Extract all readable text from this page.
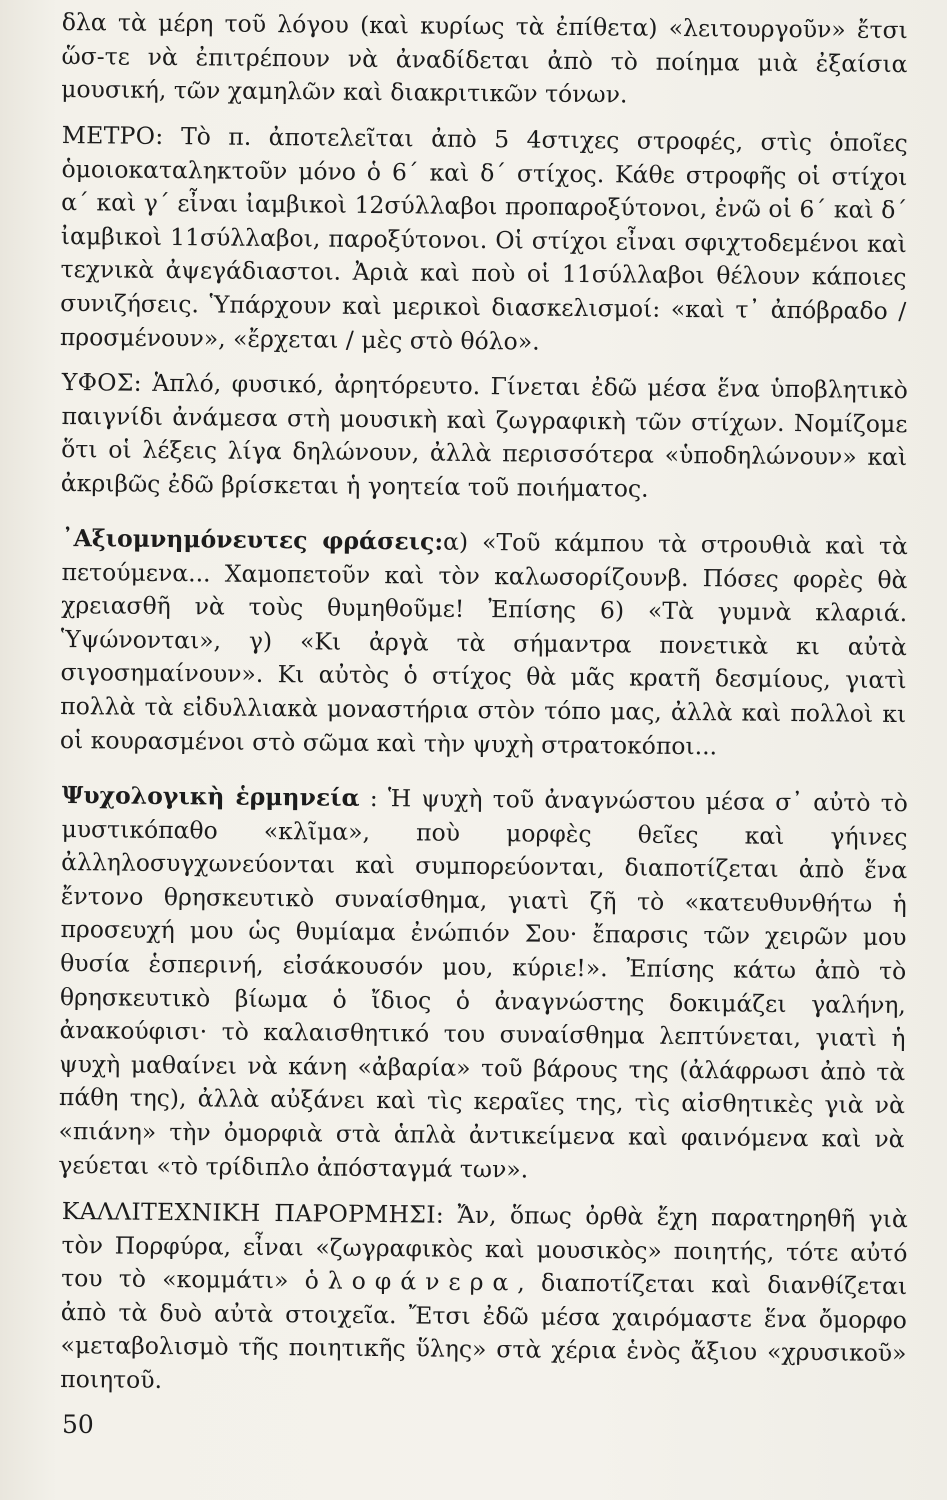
δλα τὰ μέρη τοῦ λόγου (καὶ κυρίως τὰ ἐπίθετα) «λειτουργοῦν» ἔτσι ὥσ-τε νὰ ἐπιτρέπουν νὰ ἀναδίδεται ἀπὸ τὸ ποίημα μιὰ ἐξαίσια μουσική, τῶν χαμηλῶν καὶ διακριτικῶν τόνων.

ΜΕΤΡΟ: Τὸ π. ἀποτελεῖται ἀπὸ 5 4στιχες στροφές, στὶς ὁποῖες ὁμοιοκαταληκτοῦν μόνο ὁ 6΄ καὶ δ΄ στίχος. Κάθε στροφῆς οἱ στίχοι α΄ καὶ γ΄ εἶναι ἰαμβικοὶ 12σύλλαβοι προπαροξύτονοι, ἐνῶ οἱ 6΄ καὶ δ΄ ἰαμβικοὶ 11σύλλαβοι, παροξύτονοι. Οἱ στίχοι εἶναι σφιχτοδεμένοι καὶ τεχνικὰ ἀψεγάδιαστοι. Ἀριὰ καὶ ποὺ οἱ 11σύλλαβοι θέλουν κάποιες συνιζήσεις. Ὑπάρχουν καὶ μερικοὶ διασκελισμοί: «καὶ τ᾿ ἀπόβραδο / προσμένουν», «ἔρχεται / μὲς στὸ θόλο».

ΥΦΟΣ: Ἁπλό, φυσικό, ἀρητόρευτο. Γίνεται ἐδῶ μέσα ἕνα ὑποβλητικὸ παιγνίδι ἀνάμεσα στὴ μουσικὴ καὶ ζωγραφικὴ τῶν στίχων. Νομίζομε ὅτι οἱ λέξεις λίγα δηλώνουν, ἀλλὰ περισσότερα «ὑποδηλώνουν» καὶ ἀκριβῶς ἐδῶ βρίσκεται ἡ γοητεία τοῦ ποιήματος.

᾿Αξιομνημόνευτες φράσεις:α) «Τοῦ κάμπου τὰ στρουθιὰ καὶ τὰ πετούμενα... Χαμοπετοῦν καὶ τὸν καλωσορίζουνβ. Πόσες φορὲς θὰ χρειασθῆ νὰ τοὺς θυμηθοῦμε! Ἐπίσης 6) «Τὰ γυμνὰ κλαριά. Ὑψώνονται», γ) «Κι ἀργὰ τὰ σήμαντρα πονετικὰ κι αὐτὰ σιγοσημαίνουν». Κι αὐτὸς ὁ στίχος θὰ μᾶς κρατῆ δεσμίους, γιατὶ πολλὰ τὰ εἰδυλλιακὰ μοναστήρια στὸν τόπο μας, ἀλλὰ καὶ πολλοὶ κι οἱ κουρασμένοι στὸ σῶμα καὶ τὴν ψυχὴ στρατοκόποι...

Ψυχολογικὴ ἑρμηνεία : Ἡ ψυχὴ τοῦ ἀναγνώστου μέσα σ᾿ αὐτὸ τὸ μυστικόπαθο «κλῖμα», ποὺ μορφὲς θεῖες καὶ γήινες ἀλληλοσυγχωνεύονται καὶ συμπορεύονται, διαποτίζεται ἀπὸ ἕνα ἔντονο θρησκευτικὸ συναίσθημα, γιατὶ ζῆ τὸ «κατευθυνθήτω ἡ προσευχή μου ὡς θυμίαμα ἐνώπιόν Σου· ἔπαρσις τῶν χειρῶν μου θυσία ἑσπερινή, εἰσάκουσόν μου, κύριε!». Ἐπίσης κάτω ἀπὸ τὸ θρησκευτικὸ βίωμα ὁ ἴδιος ὁ ἀναγνώστης δοκιμάζει γαλήνη, ἀνακούφισι· τὸ καλαισθητικό του συναίσθημα λεπτύνεται, γιατὶ ἡ ψυχὴ μαθαίνει νὰ κάνη «ἀβαρία» τοῦ βάρους της (ἀλάφρωσι ἀπὸ τὰ πάθη της), ἀλλὰ αὐξάνει καὶ τὶς κεραῖες της, τὶς αἰσθητικὲς γιὰ νὰ «πιάνη» τὴν ὀμορφιὰ στὰ ἁπλὰ ἀντικείμενα καὶ φαινόμενα καὶ νὰ γεύεται «τὸ τρίδιπλο ἀπόσταγμά των».

ΚΑΛΛΙΤΕΧΝΙΚΗ ΠΑΡΟΡΜΗΣΙ: Ἄν, ὅπως ὀρθὰ ἔχη παρατηρηθῆ γιὰ τὸν Πορφύρα, εἶναι «ζωγραφικὸς καὶ μουσικὸς» ποιητής, τότε αὐτό του τὸ «κομμάτι» ὁλοφάνερα, διαποτίζεται καὶ διανθίζεται ἀπὸ τὰ δυὸ αὐτὰ στοιχεῖα. Ἔτσι ἐδῶ μέσα χαιρόμαστε ἕνα ὄμορφο «μεταβολισμὸ τῆς ποιητικῆς ὕλης» στὰ χέρια ἑνὸς ἄξιου «χρυσικοῦ» ποιητοῦ.

50
